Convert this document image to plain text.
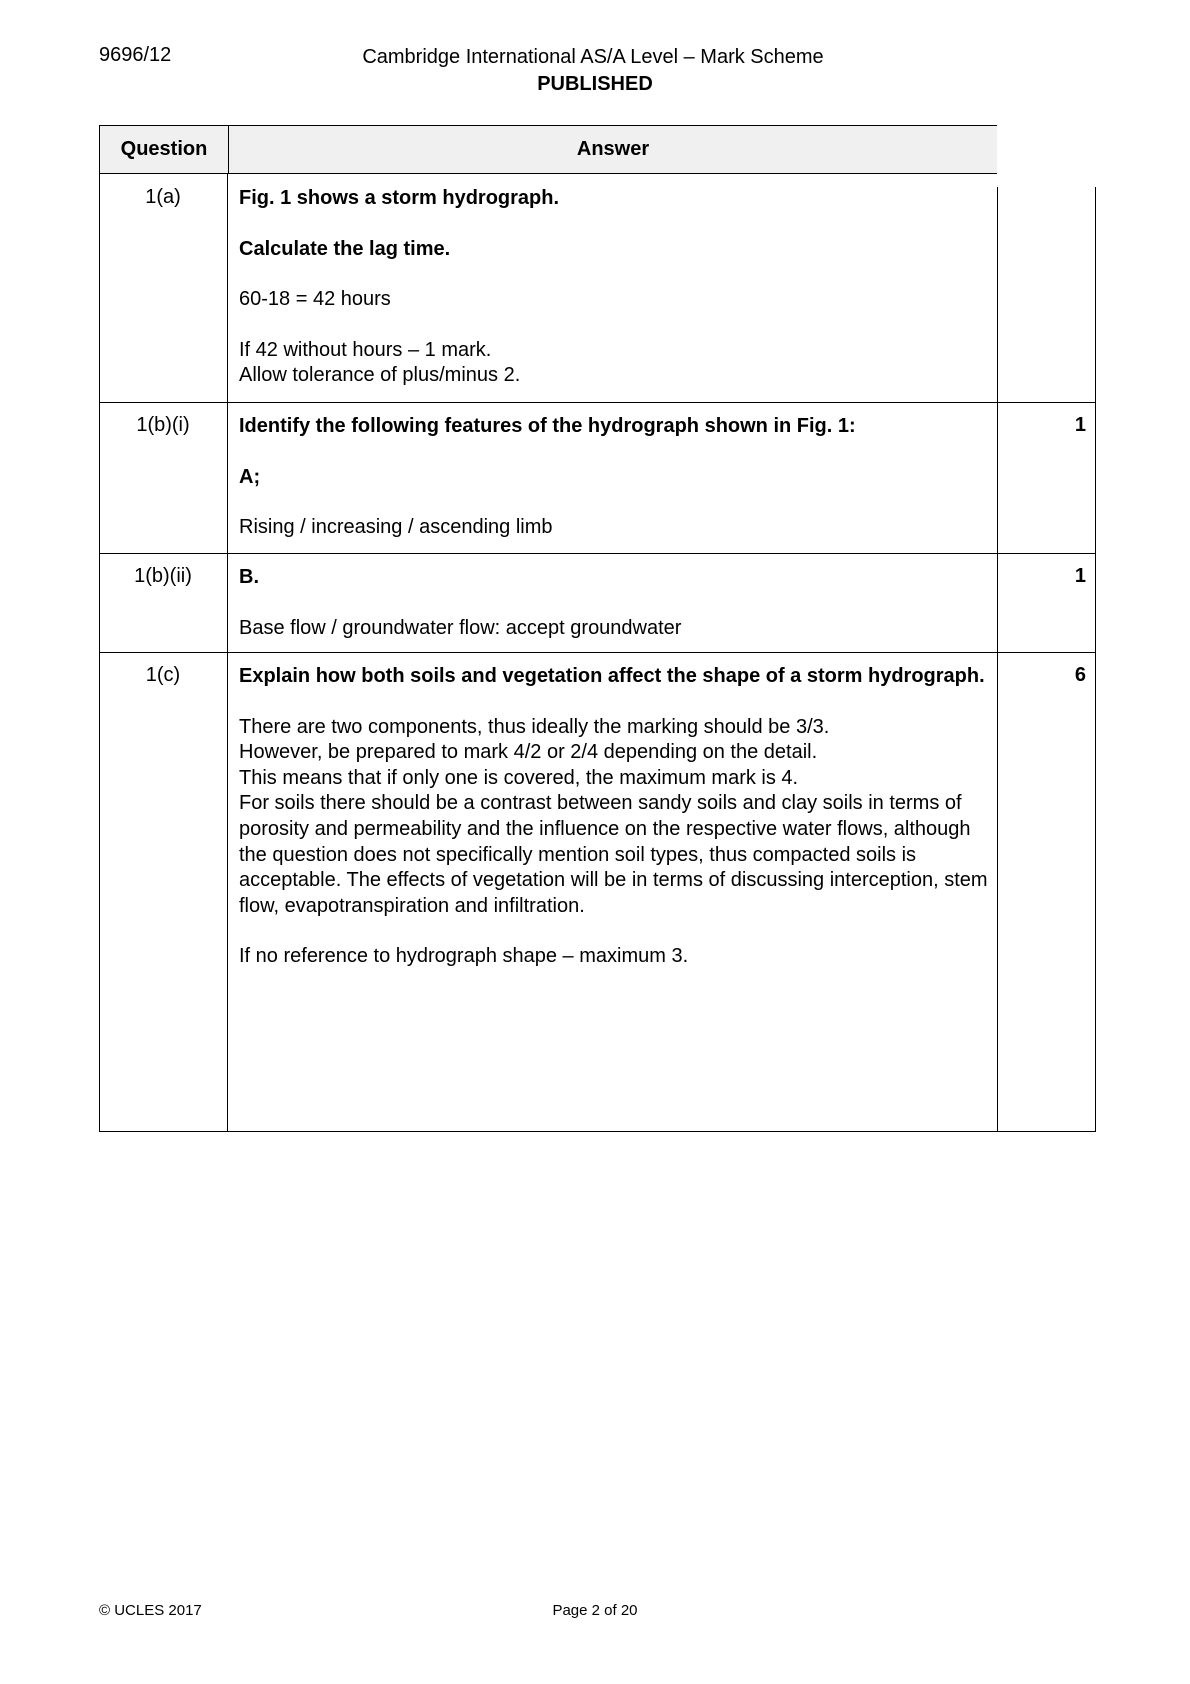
9696/12	Cambridge International AS/A Level – Mark Scheme
PUBLISHED
Question	Answer
1(a)	Fig. 1 shows a storm hydrograph.

Calculate the lag time.

60-18 = 42 hours

If 42 without hours – 1 mark.
Allow tolerance of plus/minus 2.
1(b)(i)	Identify the following features of the hydrograph shown in Fig. 1:

A;

Rising / increasing / ascending limb

1
1(b)(ii)	B.

Base flow / groundwater flow: accept groundwater

1
1(c)	Explain how both soils and vegetation affect the shape of a storm hydrograph.

There are two components, thus ideally the marking should be 3/3.
However, be prepared to mark 4/2 or 2/4 depending on the detail.
This means that if only one is covered, the maximum mark is 4.

For soils there should be a contrast between sandy soils and clay soils in terms of porosity and permeability and the influence on the respective water flows, although the question does not specifically mention soil types, thus compacted soils is acceptable. The effects of vegetation will be in terms of discussing interception, stem flow, evapotranspiration and infiltration.

If no reference to hydrograph shape – maximum 3.

6
© UCLES 2017	Page 2 of 20
